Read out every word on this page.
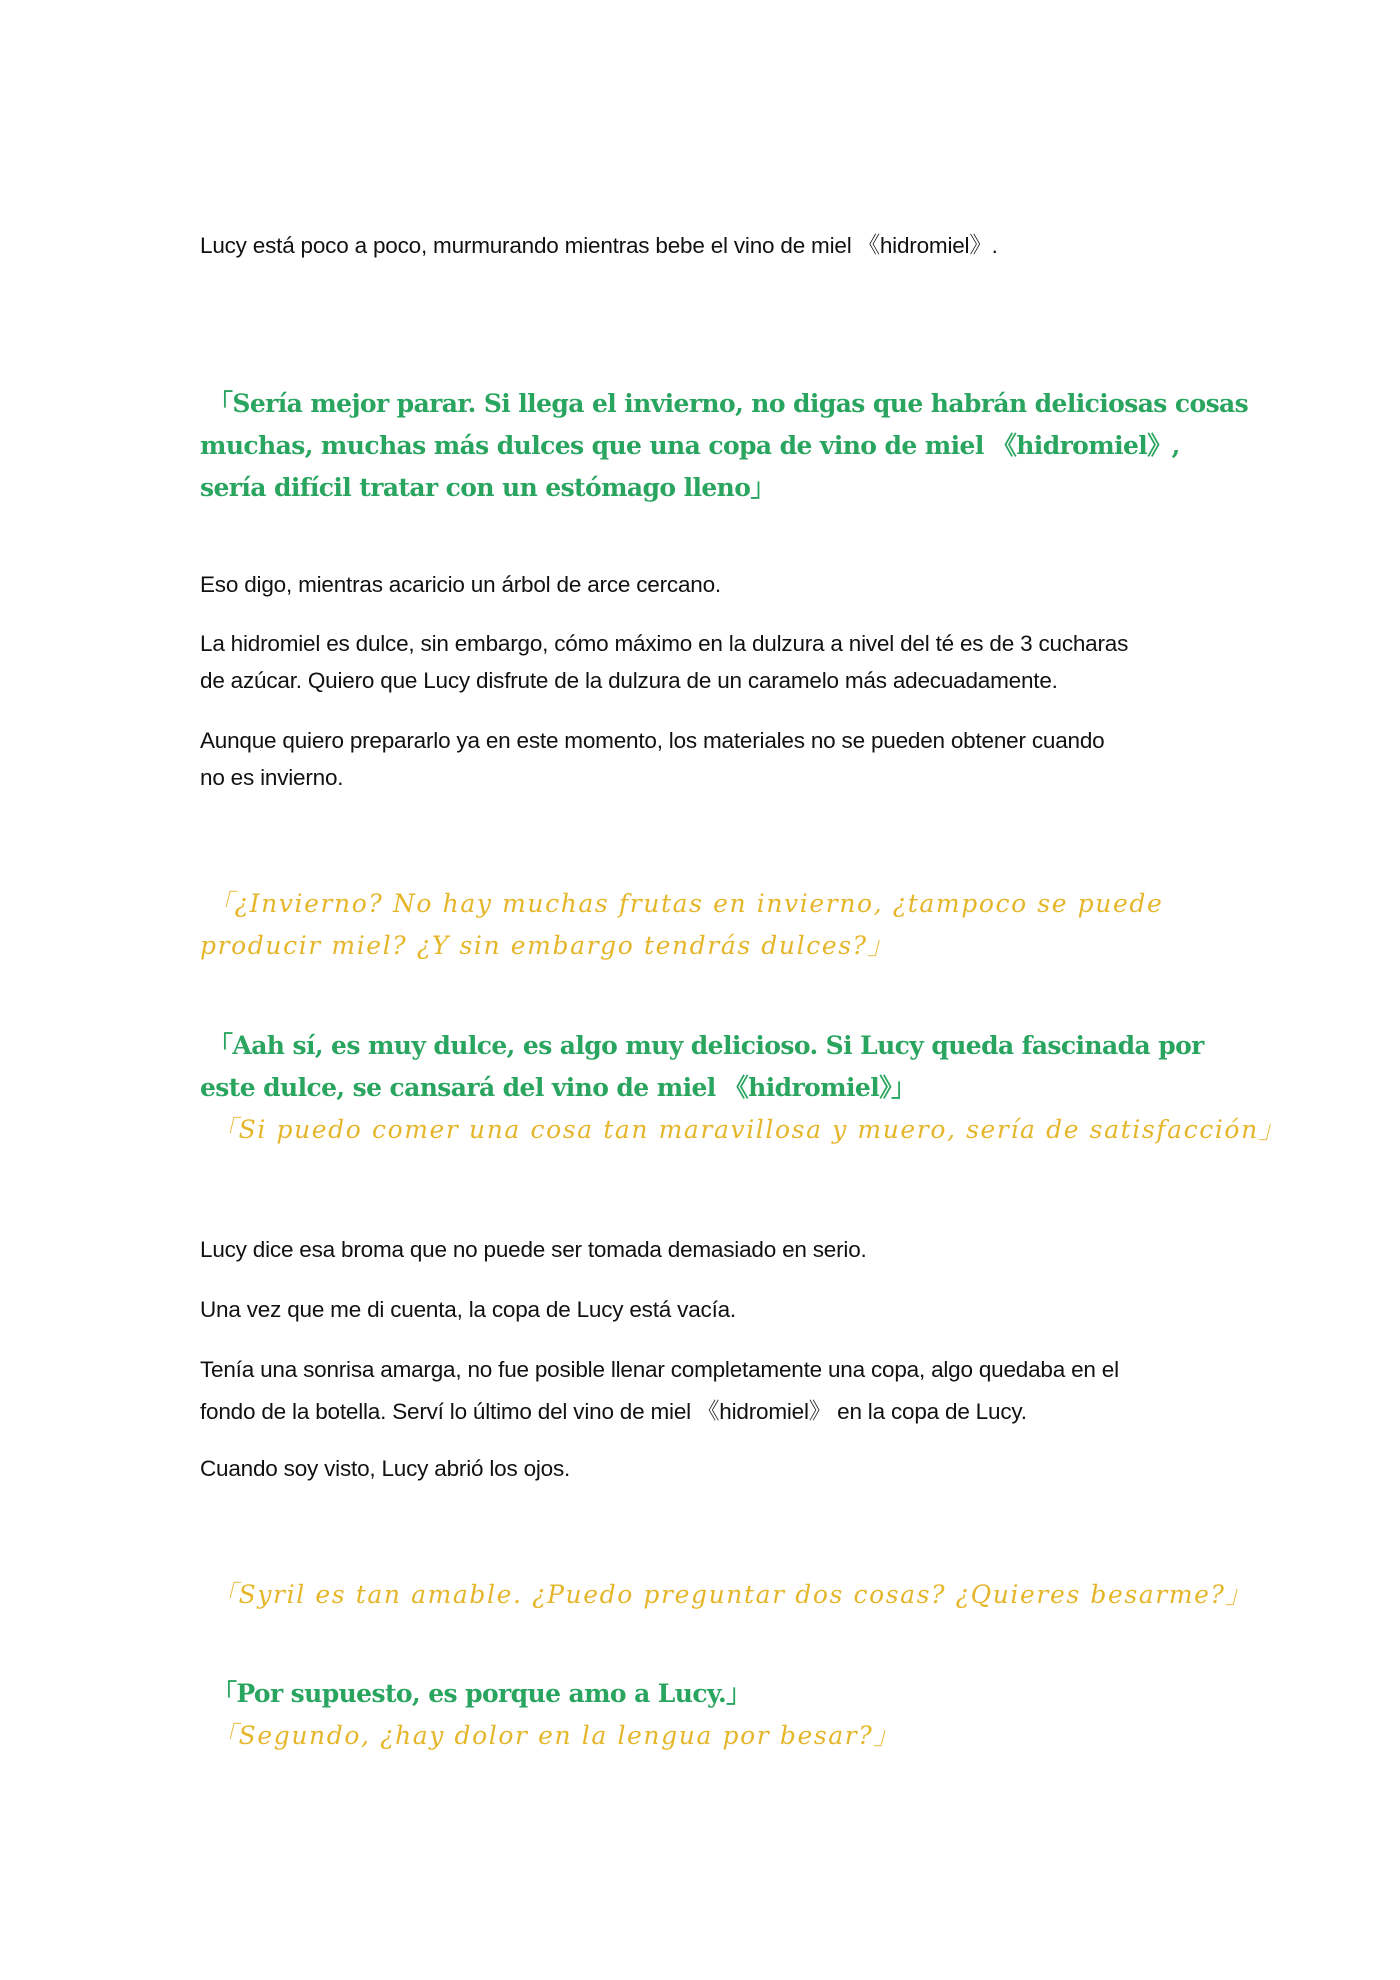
Lucy está poco a poco, murmurando mientras bebe el vino de miel 《hidromiel》.

「Sería mejor parar. Si llega el invierno, no digas que habrán deliciosas cosas

muchas, muchas más dulces que una copa de vino de miel 《hidromiel》,

sería difícil tratar con un estómago lleno」

Eso digo, mientras acaricio un árbol de arce cercano.

La hidromiel es dulce, sin embargo, cómo máximo en la dulzura a nivel del té es de 3 cucharas

de azúcar. Quiero que Lucy disfrute de la dulzura de un caramelo más adecuadamente.

Aunque quiero prepararlo ya en este momento, los materiales no se pueden obtener cuando

no es invierno.

「¿Invierno? No hay muchas frutas en invierno, ¿tampoco se puede

producir miel? ¿Y sin embargo tendrás dulces?」

「Aah sí, es muy dulce, es algo muy delicioso. Si Lucy queda fascinada por

este dulce, se cansará del vino de miel 《hidromiel》」

「Si puedo comer una cosa tan maravillosa y muero, sería de satisfacción」

Lucy dice esa broma que no puede ser tomada demasiado en serio.

Una vez que me di cuenta, la copa de Lucy está vacía.

Tenía una sonrisa amarga, no fue posible llenar completamente una copa, algo quedaba en el

fondo de la botella. Serví lo último del vino de miel 《hidromiel》 en la copa de Lucy.

Cuando soy visto, Lucy abrió los ojos.

「Syril es tan amable. ¿Puedo preguntar dos cosas? ¿Quieres besarme?」

「Por supuesto, es porque amo a Lucy.」

「Segundo, ¿hay dolor en la lengua por besar?」
